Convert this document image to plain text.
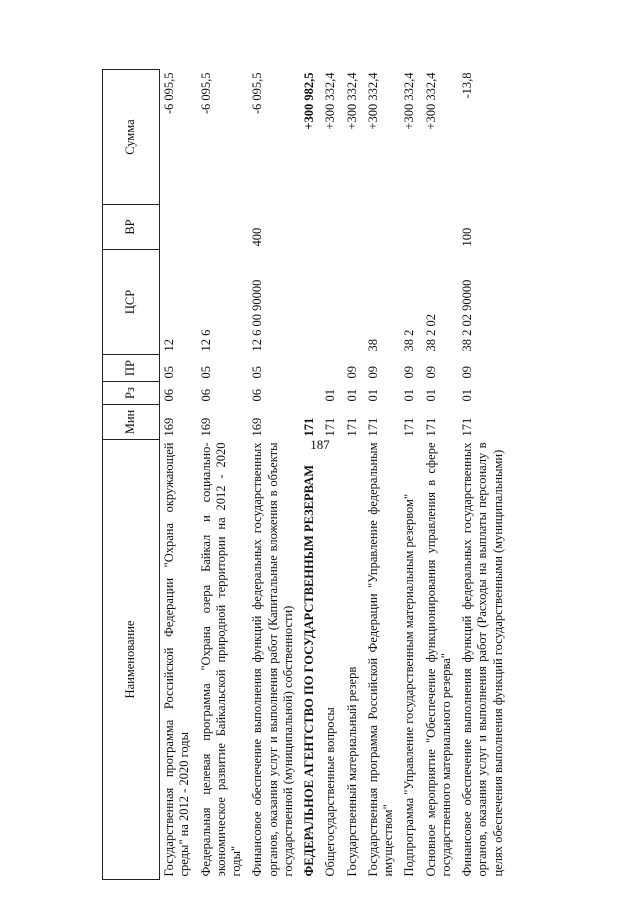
187
Наименование	Мин	Рз	ПР	ЦСР	ВР	Сумма
Государственная программа Российской Федерации "Охрана окружающей среды" на 2012 - 2020 годы	169	06	05	12		-6 095,5
Федеральная целевая программа "Охрана озера Байкал и социально-экономическое развитие Байкальской природной территории на 2012 - 2020 годы"	169	06	05	12 6		-6 095,5
Финансовое обеспечение выполнения функций федеральных государственных органов, оказания услуг и выполнения работ (Капитальные вложения в объекты государственной (муниципальной) собственности)	169	06	05	12 6 00 90000	400	-6 095,5
ФЕДЕРАЛЬНОЕ АГЕНТСТВО ПО ГОСУДАРСТВЕННЫМ РЕЗЕРВАМ	171					+300 982,5
Общегосударственные вопросы	171	01				+300 332,4
Государственный материальный резерв	171	01	09			+300 332,4
Государственная программа Российской Федерации "Управление федеральным имуществом"	171	01	09	38		+300 332,4
Подпрограмма "Управление государственным материальным резервом"	171	01	09	38 2		+300 332,4
Основное мероприятие "Обеспечение функционирования управления в сфере государственного материального резерва"	171	01	09	38 2 02		+300 332,4
Финансовое обеспечение выполнения функций федеральных государственных органов, оказания услуг и выполнения работ (Расходы на выплаты персоналу в целях обеспечения выполнения функций государственными (муниципальными)	171	01	09	38 2 02 90000	100	-13,8
